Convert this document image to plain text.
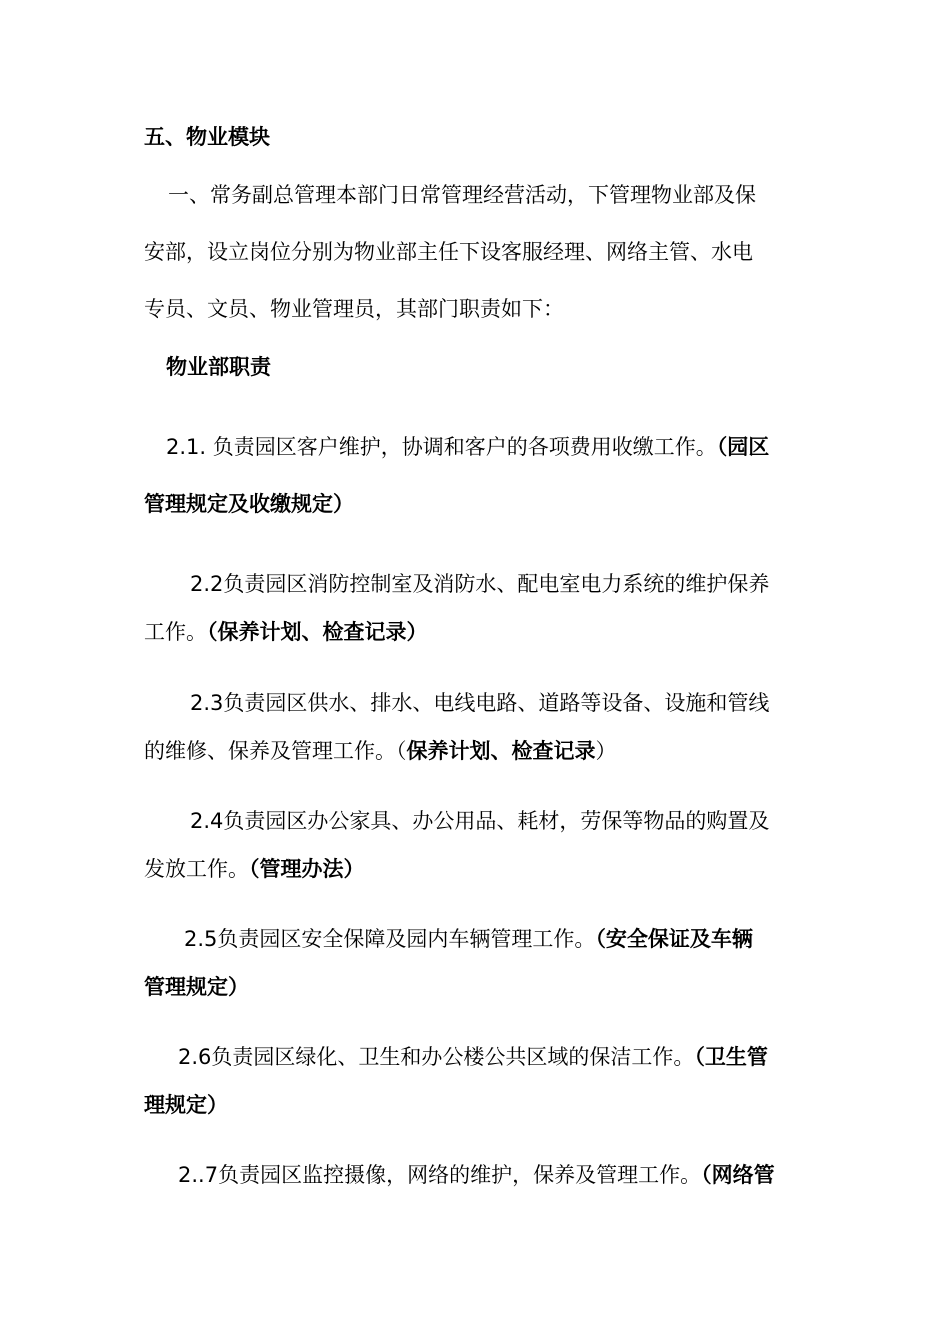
五、物业模块
一、常务副总管理本部门日常管理经营活动，下管理物业部及保
安部，设立岗位分别为物业部主任下设客服经理、网络主管、水电
专员、文员、物业管理员，其部门职责如下：
物业部职责
2.1. 负责园区客户维护，协调和客户的各项费用收缴工作。（园区
管理规定及收缴规定）
2.2负责园区消防控制室及消防水、配电室电力系统的维护保养
工作。（保养计划、检查记录）
2.3负责园区供水、排水、电线电路、道路等设备、设施和管线
的维修、保养及管理工作。（保养计划、检查记录）
2.4负责园区办公家具、办公用品、耗材，劳保等物品的购置及
发放工作。（管理办法）
2.5负责园区安全保障及园内车辆管理工作。（安全保证及车辆
管理规定）
2.6负责园区绿化、卫生和办公楼公共区域的保洁工作。（卫生管
理规定）
2..7负责园区监控摄像，网络的维护，保养及管理工作。（网络管
